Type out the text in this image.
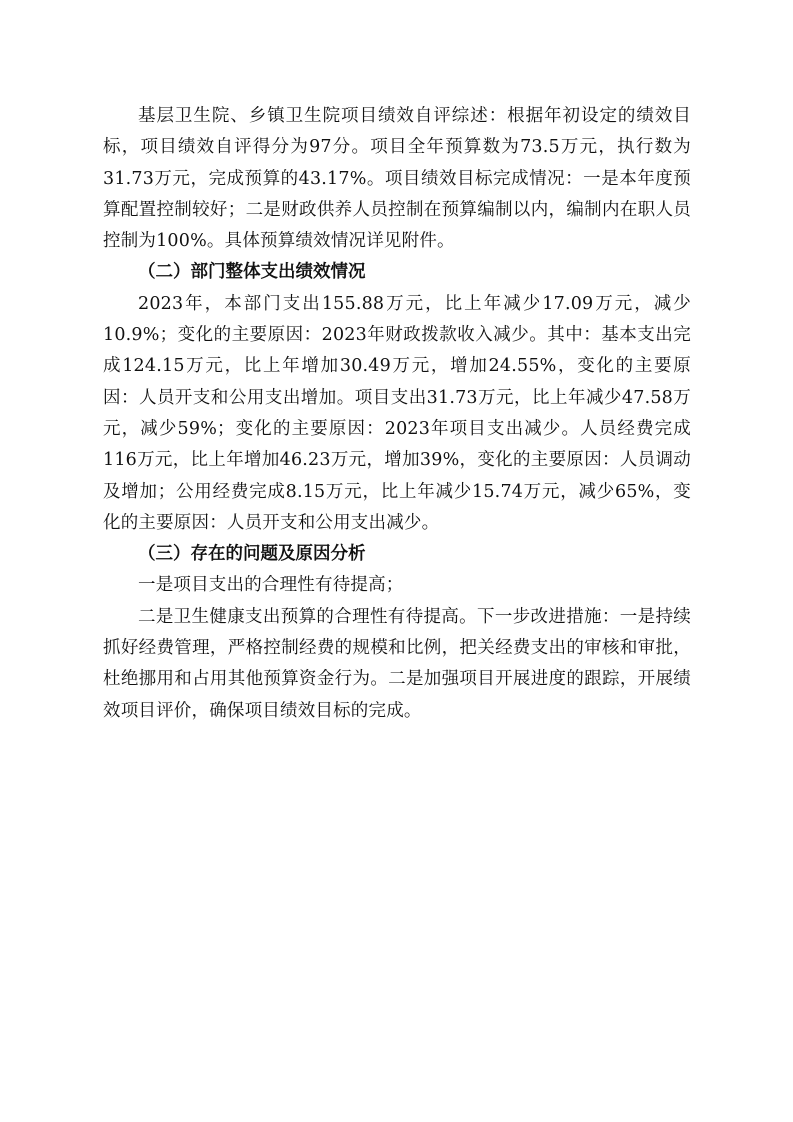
基层卫生院、乡镇卫生院项目绩效自评综述：根据年初设定的绩效目标，项目绩效自评得分为97分。项目全年预算数为73.5万元，执行数为31.73万元，完成预算的43.17%。项目绩效目标完成情况：一是本年度预算配置控制较好；二是财政供养人员控制在预算编制以内，编制内在职人员控制为100%。具体预算绩效情况详见附件。

（二）部门整体支出绩效情况

2023年，本部门支出155.88万元，比上年减少17.09万元，减少10.9%；变化的主要原因：2023年财政拨款收入减少。其中：基本支出完成124.15万元，比上年增加30.49万元，增加24.55%，变化的主要原因：人员开支和公用支出增加。项目支出31.73万元，比上年减少47.58万元，减少59%；变化的主要原因：2023年项目支出减少。人员经费完成116万元，比上年增加46.23万元，增加39%，变化的主要原因：人员调动及增加；公用经费完成8.15万元，比上年减少15.74万元，减少65%，变化的主要原因：人员开支和公用支出减少。

（三）存在的问题及原因分析

一是项目支出的合理性有待提高；

二是卫生健康支出预算的合理性有待提高。下一步改进措施：一是持续抓好经费管理，严格控制经费的规模和比例，把关经费支出的审核和审批，杜绝挪用和占用其他预算资金行为。二是加强项目开展进度的跟踪，开展绩效项目评价，确保项目绩效目标的完成。
